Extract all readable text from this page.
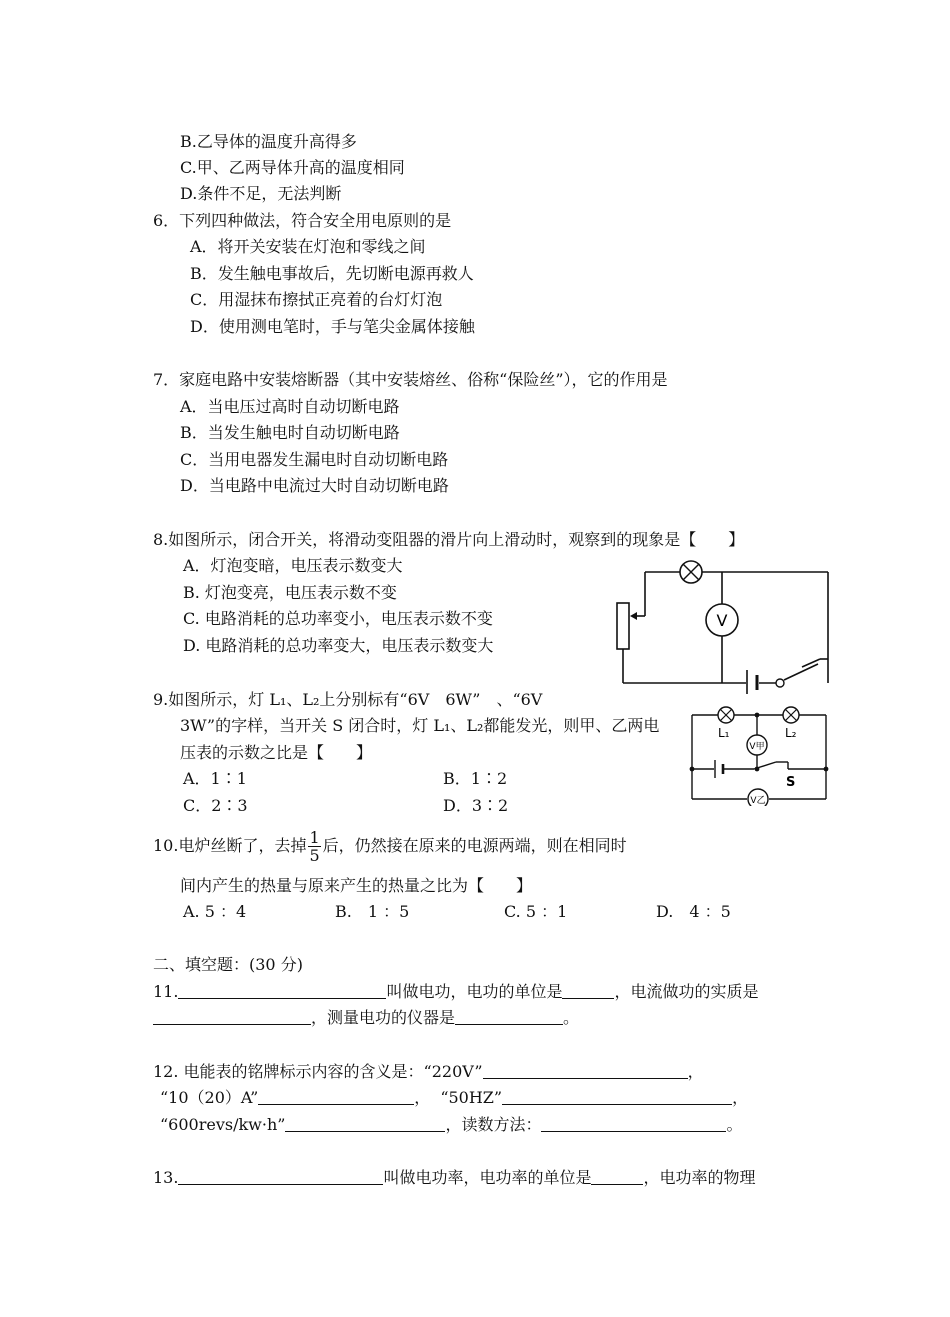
B.乙导体的温度升高得多
C.甲、乙两导体升高的温度相同
D.条件不足，无法判断
6．下列四种做法，符合安全用电原则的是
A．将开关安装在灯泡和零线之间
B．发生触电事故后，先切断电源再救人
C．用湿抹布擦拭正亮着的台灯灯泡
D．使用测电笔时，手与笔尖金属体接触
7．家庭电路中安装熔断器（其中安装熔丝、俗称“保险丝”），它的作用是
A．当电压过高时自动切断电路
B．当发生触电时自动切断电路
C．当用电器发生漏电时自动切断电路
D．当电路中电流过大时自动切断电路
8.如图所示，闭合开关，将滑动变阻器的滑片向上滑动时，观察到的现象是【　　】
A．灯泡变暗，电压表示数变大
B. 灯泡变亮，电压表示数不变
C. 电路消耗的总功率变小，电压表示数不变
D. 电路消耗的总功率变大，电压表示数变大
V
9.如图所示，灯 L₁、L₂上分别标有“6V　6W”　、“6V
3W”的字样，当开关 S 闭合时，灯 L₁、L₂都能发光，则甲、乙两电
压表的示数之比是【　　】
A．1∶1	B．1∶2
C．2∶3	D．3∶2
L₁	L₂
V甲
S
V乙
10.电炉丝断了，去掉 $\frac{1}{5}$ 后，仍然接在原来的电源两端，则在相同时
间内产生的热量与原来产生的热量之比为【　　】
A. 5 ：4	B.　1 ：5	C. 5 ：1	D.　4 ：5
二、填空题：(30 分)
11.	叫做电功，电功的单位是	，电流做功的实质是
，测量电功的仪器是	。
12. 电能表的铭牌标示内容的含义是：“220V”	，
“10（20）A”	， “50HZ”	，
“600revs/kw·h”	，读数方法：	。
13.	叫做电功率，电功率的单位是	，电功率的物理
